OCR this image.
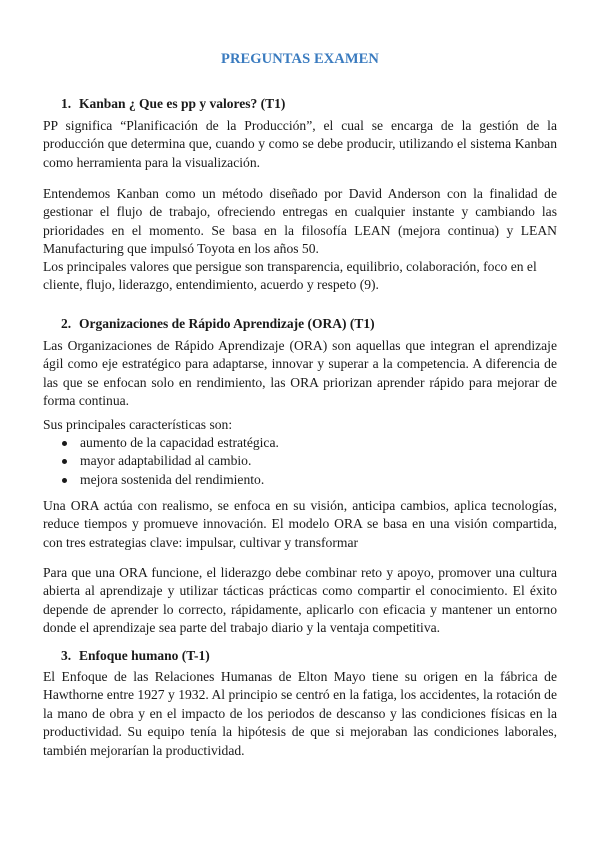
PREGUNTAS EXAMEN
1. Kanban ¿ Que es pp y valores? (T1)
PP significa “Planificación de la Producción”, el cual se encarga de la gestión de la producción que determina que, cuando y como se debe producir, utilizando el sistema Kanban como herramienta para la visualización.
Entendemos Kanban como un método diseñado por David Anderson con la finalidad de gestionar el flujo de trabajo, ofreciendo entregas en cualquier instante y cambiando las prioridades en el momento. Se basa en la filosofía LEAN (mejora continua) y LEAN Manufacturing que impulsó Toyota en los años 50.
Los principales valores que persigue son transparencia, equilibrio, colaboración, foco en el cliente, flujo, liderazgo, entendimiento, acuerdo y respeto (9).
2. Organizaciones de Rápido Aprendizaje (ORA) (T1)
Las Organizaciones de Rápido Aprendizaje (ORA) son aquellas que integran el aprendizaje ágil como eje estratégico para adaptarse, innovar y superar a la competencia. A diferencia de las que se enfocan solo en rendimiento, las ORA priorizan aprender rápido para mejorar de forma continua.
Sus principales características son:
aumento de la capacidad estratégica.
mayor adaptabilidad al cambio.
mejora sostenida del rendimiento.
Una ORA actúa con realismo, se enfoca en su visión, anticipa cambios, aplica tecnologías, reduce tiempos y promueve innovación. El modelo ORA se basa en una visión compartida, con tres estrategias clave: impulsar, cultivar y transformar
Para que una ORA funcione, el liderazgo debe combinar reto y apoyo, promover una cultura abierta al aprendizaje y utilizar tácticas prácticas como compartir el conocimiento. El éxito depende de aprender lo correcto, rápidamente, aplicarlo con eficacia y mantener un entorno donde el aprendizaje sea parte del trabajo diario y la ventaja competitiva.
3. Enfoque humano (T-1)
El Enfoque de las Relaciones Humanas de Elton Mayo tiene su origen en la fábrica de Hawthorne entre 1927 y 1932. Al principio se centró en la fatiga, los accidentes, la rotación de la mano de obra y en el impacto de los periodos de descanso y las condiciones físicas en la productividad. Su equipo tenía la hipótesis de que si mejoraban las condiciones laborales, también mejorarían la productividad.
